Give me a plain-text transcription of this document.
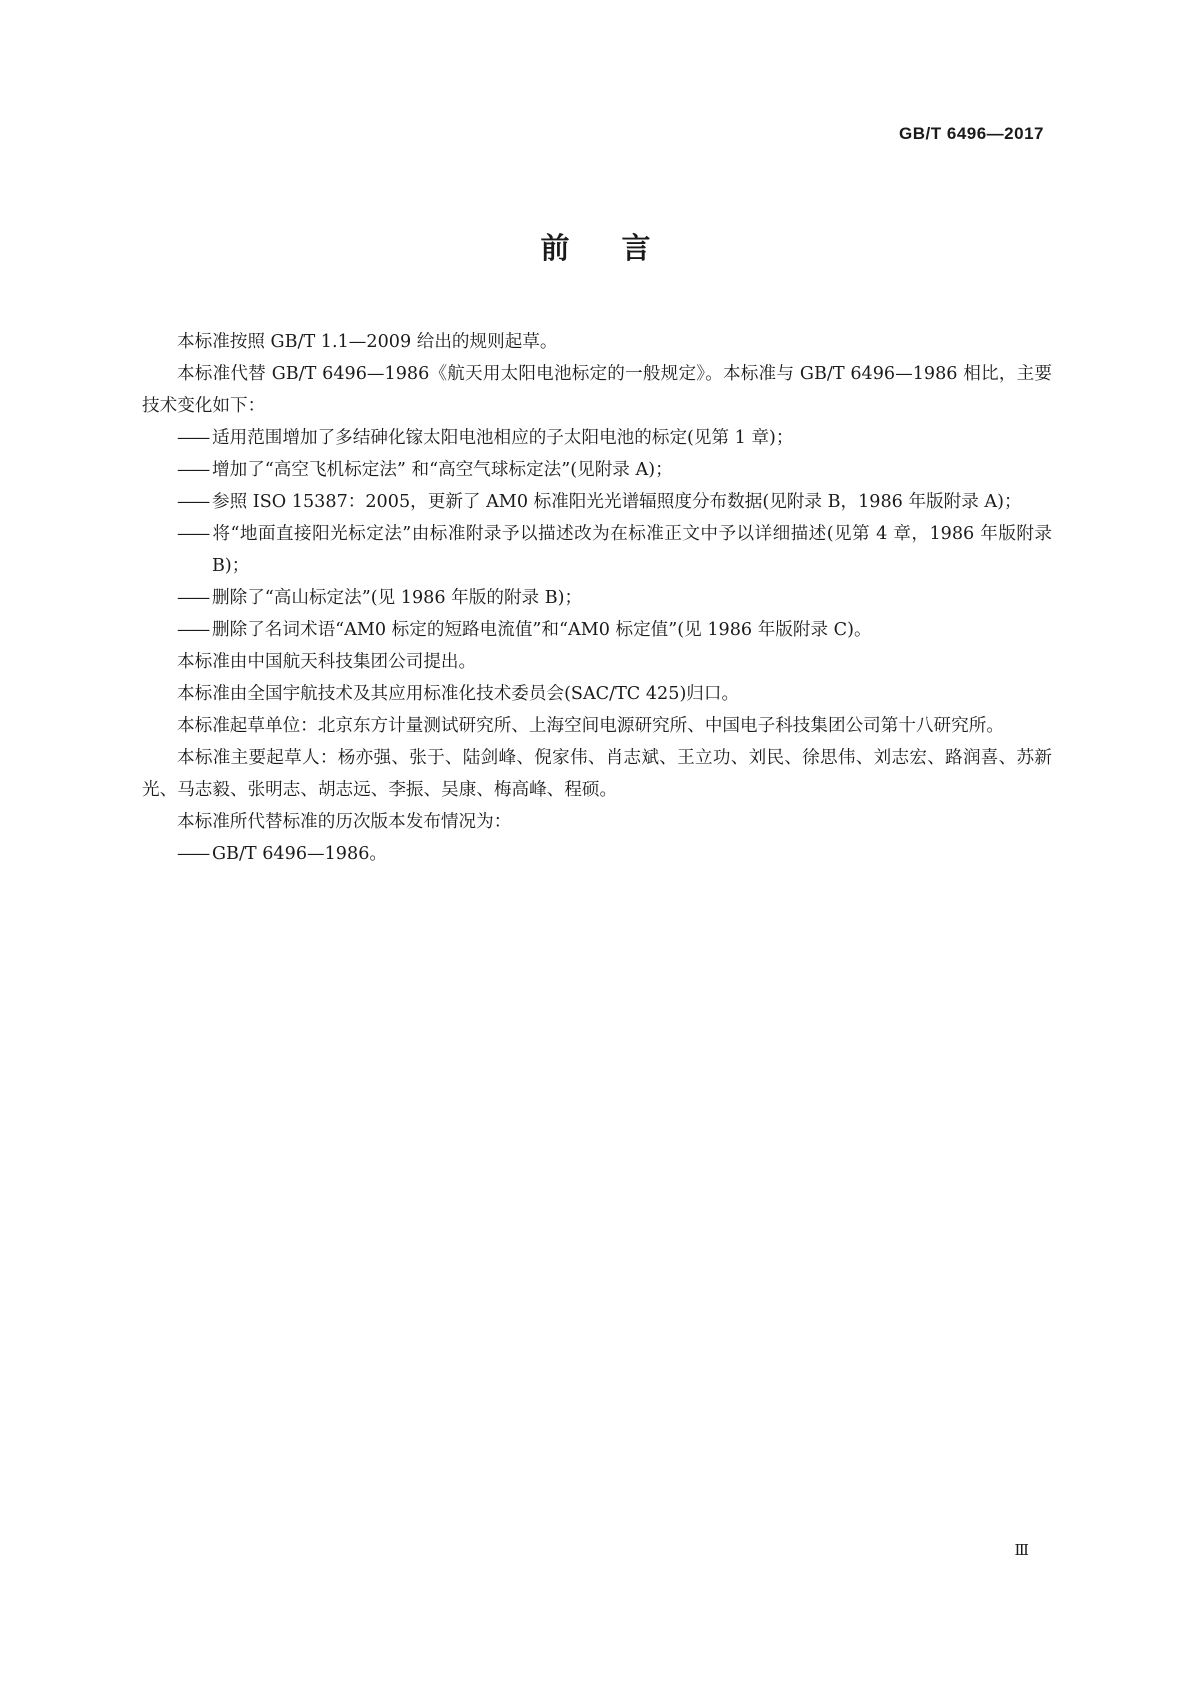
GB/T 6496—2017
前言

本标准按照 GB/T 1.1—2009 给出的规则起草。

本标准代替 GB/T 6496—1986《航天用太阳电池标定的一般规定》。本标准与 GB/T 6496—1986 相比，主要技术变化如下：

—— 适用范围增加了多结砷化镓太阳电池相应的子太阳电池的标定(见第 1 章)；

—— 增加了“高空飞机标定法” 和“高空气球标定法”(见附录 A)；

—— 参照 ISO 15387：2005，更新了 AM0 标准阳光光谱辐照度分布数据(见附录 B，1986 年版附录 A)；

—— 将“地面直接阳光标定法”由标准附录予以描述改为在标准正文中予以详细描述(见第 4 章，1986 年版附录 B)；

—— 删除了“高山标定法”(见 1986 年版的附录 B)；

—— 删除了名词术语“AM0 标定的短路电流值”和“AM0 标定值”(见 1986 年版附录 C)。

本标准由中国航天科技集团公司提出。

本标准由全国宇航技术及其应用标准化技术委员会(SAC/TC 425)归口。

本标准起草单位：北京东方计量测试研究所、上海空间电源研究所、中国电子科技集团公司第十八研究所。

本标准主要起草人：杨亦强、张于、陆剑峰、倪家伟、肖志斌、王立功、刘民、徐思伟、刘志宏、路润喜、苏新光、马志毅、张明志、胡志远、李振、吴康、梅高峰、程硕。

本标准所代替标准的历次版本发布情况为：

—— GB/T 6496—1986。

Ⅲ
